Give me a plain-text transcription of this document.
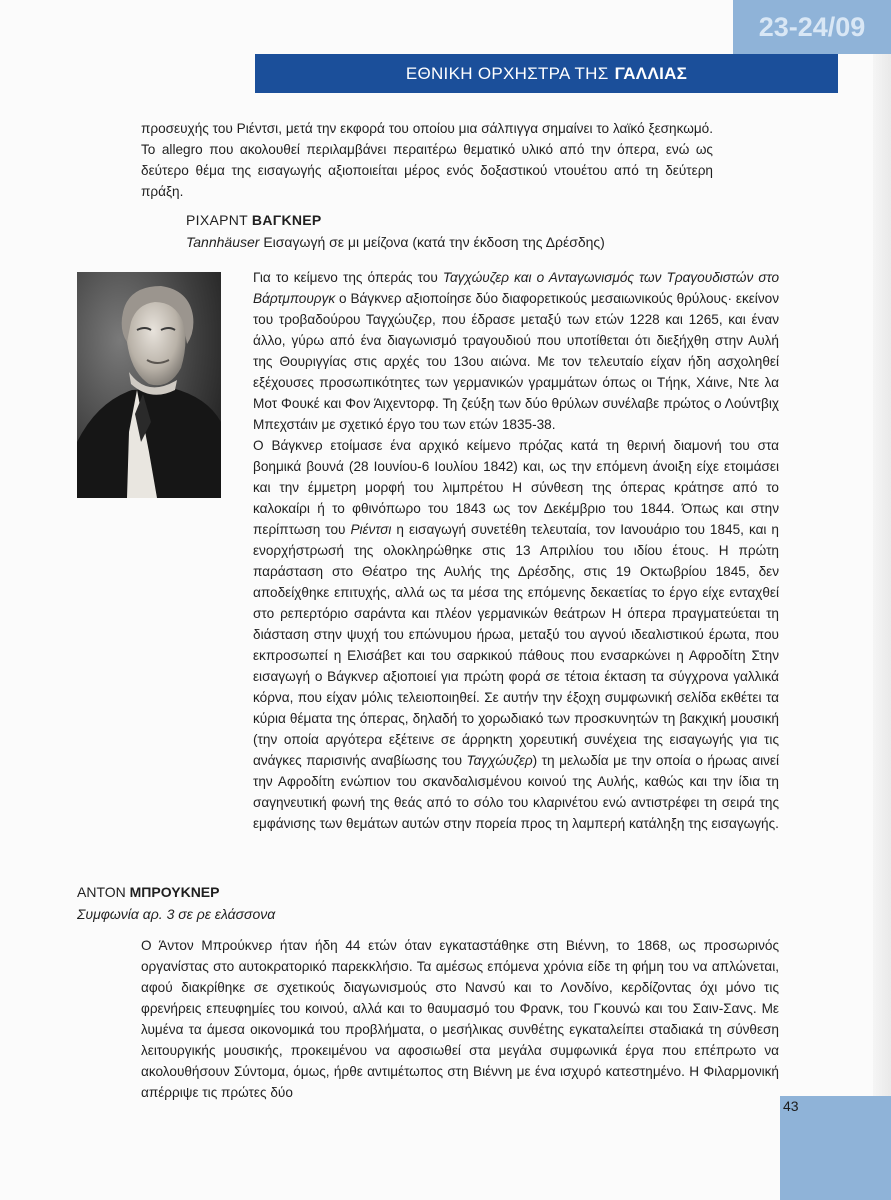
23-24/09
ΕΘΝΙΚΗ ΟΡΧΗΣΤΡΑ ΤΗΣ ΓΑΛΛΙΑΣ

προσευχής του Ριέντσι, μετά την εκφορά του οποίου μια σάλπιγγα σημαίνει το λαϊκό ξεσηκωμό. Το allegro που ακολουθεί περιλαμβάνει περαιτέρω θεματικό υλικό από την όπερα, ενώ ως δεύτερο θέμα της εισαγωγής αξιοποιείται μέρος ενός δοξαστικού ντουέτου από τη δεύτερη πράξη.

ΡΙΧΑΡΝΤ ΒΑΓΚΝΕΡ
Tannhäuser Εισαγωγή σε μι μείζονα (κατά την έκδοση της Δρέσδης)

Για το κείμενο της όπεράς του Ταγχώυζερ και ο Ανταγωνισμός των Τραγουδιστών στο Βάρτμπουργκ ο Βάγκνερ αξιοποίησε δύο διαφορετικούς μεσαιωνικούς θρύλους· εκείνον του τροβαδούρου Ταγχώυζερ, που έδρασε μεταξύ των ετών 1228 και 1265, και έναν άλλο, γύρω από ένα διαγωνισμό τραγουδιού που υποτίθεται ότι διεξήχθη στην Αυλή της Θουριγγίας στις αρχές του 13ου αιώνα. Με τον τελευταίο είχαν ήδη ασχοληθεί εξέχουσες προσωπικότητες των γερμανικών γραμμάτων όπως οι Τήηκ, Χάινε, Ντε λα Μοτ Φουκέ και Φον Άιχεντορφ. Τη ζεύξη των δύο θρύλων συνέλαβε πρώτος ο Λούντβιχ Μπεχστάιν με σχετικό έργο του των ετών 1835-38.

Ο Βάγκνερ ετοίμασε ένα αρχικό κείμενο πρόζας κατά τη θερινή διαμονή του στα βοημικά βουνά (28 Ιουνίου-6 Ιουλίου 1842) και, ως την επόμενη άνοιξη είχε ετοιμάσει και την έμμετρη μορφή του λιμπρέτου Η σύνθεση της όπερας κράτησε από το καλοκαίρι ή το φθινόπωρο του 1843 ως τον Δεκέμβριο του 1844. Όπως και στην περίπτωση του Ριέντσι η εισαγωγή συνετέθη τελευταία, τον Ιανουάριο του 1845, και η ενορχήστρωσή της ολοκληρώθηκε στις 13 Απριλίου του ιδίου έτους. Η πρώτη παράσταση στο Θέατρο της Αυλής της Δρέσδης, στις 19 Οκτωβρίου 1845, δεν αποδείχθηκε επιτυχής, αλλά ως τα μέσα της επόμενης δεκαετίας το έργο είχε ενταχθεί στο ρεπερτόριο σαράντα και πλέον γερμανικών θεάτρων Η όπερα πραγματεύεται τη διάσταση στην ψυχή του επώνυμου ήρωα, μεταξύ του αγνού ιδεαλιστικού έρωτα, που εκπροσωπεί η Ελισάβετ και του σαρκικού πάθους που ενσαρκώνει η Αφροδίτη Στην εισαγωγή ο Βάγκνερ αξιοποιεί για πρώτη φορά σε τέτοια έκταση τα σύγχρονα γαλλικά κόρνα, που είχαν μόλις τελειοποιηθεί. Σε αυτήν την έξοχη συμφωνική σελίδα εκθέτει τα κύρια θέματα της όπερας, δηλαδή το χορωδιακό των προσκυνητών τη βακχική μουσική (την οποία αργότερα εξέτεινε σε άρρηκτη χορευτική συνέχεια της εισαγωγής για τις ανάγκες παρισινής αναβίωσης του Ταγχώυζερ) τη μελωδία με την οποία ο ήρωας αινεί την Αφροδίτη ενώπιον του σκανδαλισμένου κοινού της Αυλής, καθώς και την ίδια τη σαγηνευτική φωνή της θεάς από το σόλο του κλαρινέτου ενώ αντιστρέφει τη σειρά της εμφάνισης των θεμάτων αυτών στην πορεία προς τη λαμπερή κατάληξη της εισαγωγής.

ΑΝΤΟΝ ΜΠΡΟΥΚΝΕΡ
Συμφωνία αρ. 3 σε ρε ελάσσονα

Ο Άντον Μπρούκνερ ήταν ήδη 44 ετών όταν εγκαταστάθηκε στη Βιέννη, το 1868, ως προσωρινός οργανίστας στο αυτοκρατορικό παρεκκλήσιο. Τα αμέσως επόμενα χρόνια είδε τη φήμη του να απλώνεται, αφού διακρίθηκε σε σχετικούς διαγωνισμούς στο Νανσύ και το Λονδίνο, κερδίζοντας όχι μόνο τις φρενήρεις επευφημίες του κοινού, αλλά και το θαυμασμό του Φρανκ, του Γκουνώ και του Σαιν-Σανς. Με λυμένα τα άμεσα οικονομικά του προβλήματα, ο μεσήλικας συνθέτης εγκαταλείπει σταδιακά τη σύνθεση λειτουργικής μουσικής, προκειμένου να αφοσιωθεί στα μεγάλα συμφωνικά έργα που επέπρωτο να ακολουθήσουν Σύντομα, όμως, ήρθε αντιμέτωπος στη Βιέννη με ένα ισχυρό κατεστημένο. Η Φιλαρμονική απέρριψε τις πρώτες δύο

43
